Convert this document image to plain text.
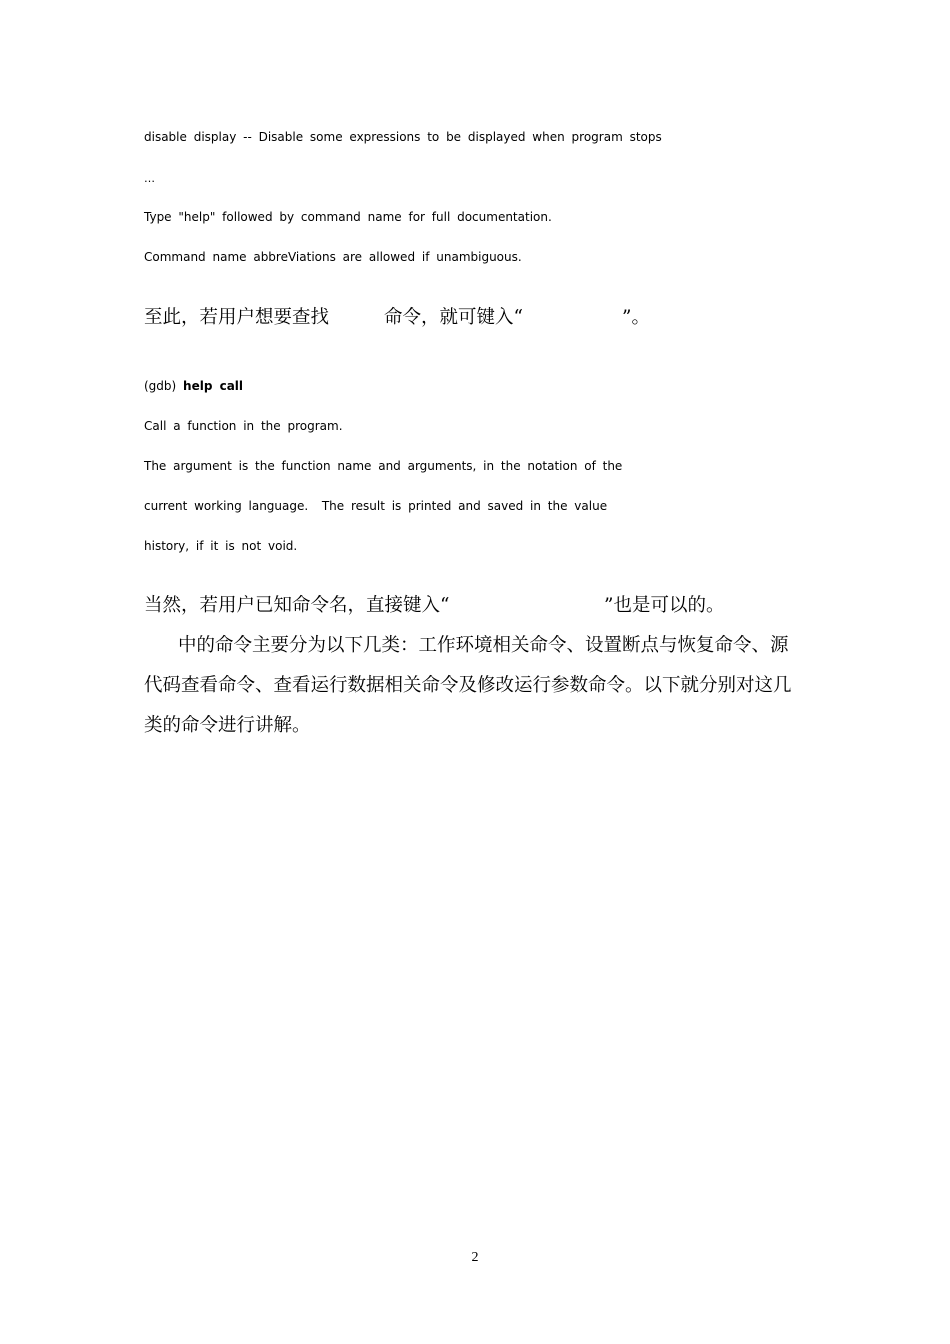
disable display -- Disable some expressions to be displayed when program stops
…
Type "help" followed by command name for full documentation.
Command name abbreViations are allowed if unambiguous.
至此，若用户想要查找	命令，就可键入“	”。
(gdb) help call
Call a function in the program.
The argument is the function name and arguments, in the notation of the
current working language.  The result is printed and saved in the value
history, if it is not void.
当然，若用户已知命令名，直接键入“	”也是可以的。
中的命令主要分为以下几类：工作环境相关命令、设置断点与恢复命令、源
代码查看命令、查看运行数据相关命令及修改运行参数命令。以下就分别对这几
类的命令进行讲解。
2
